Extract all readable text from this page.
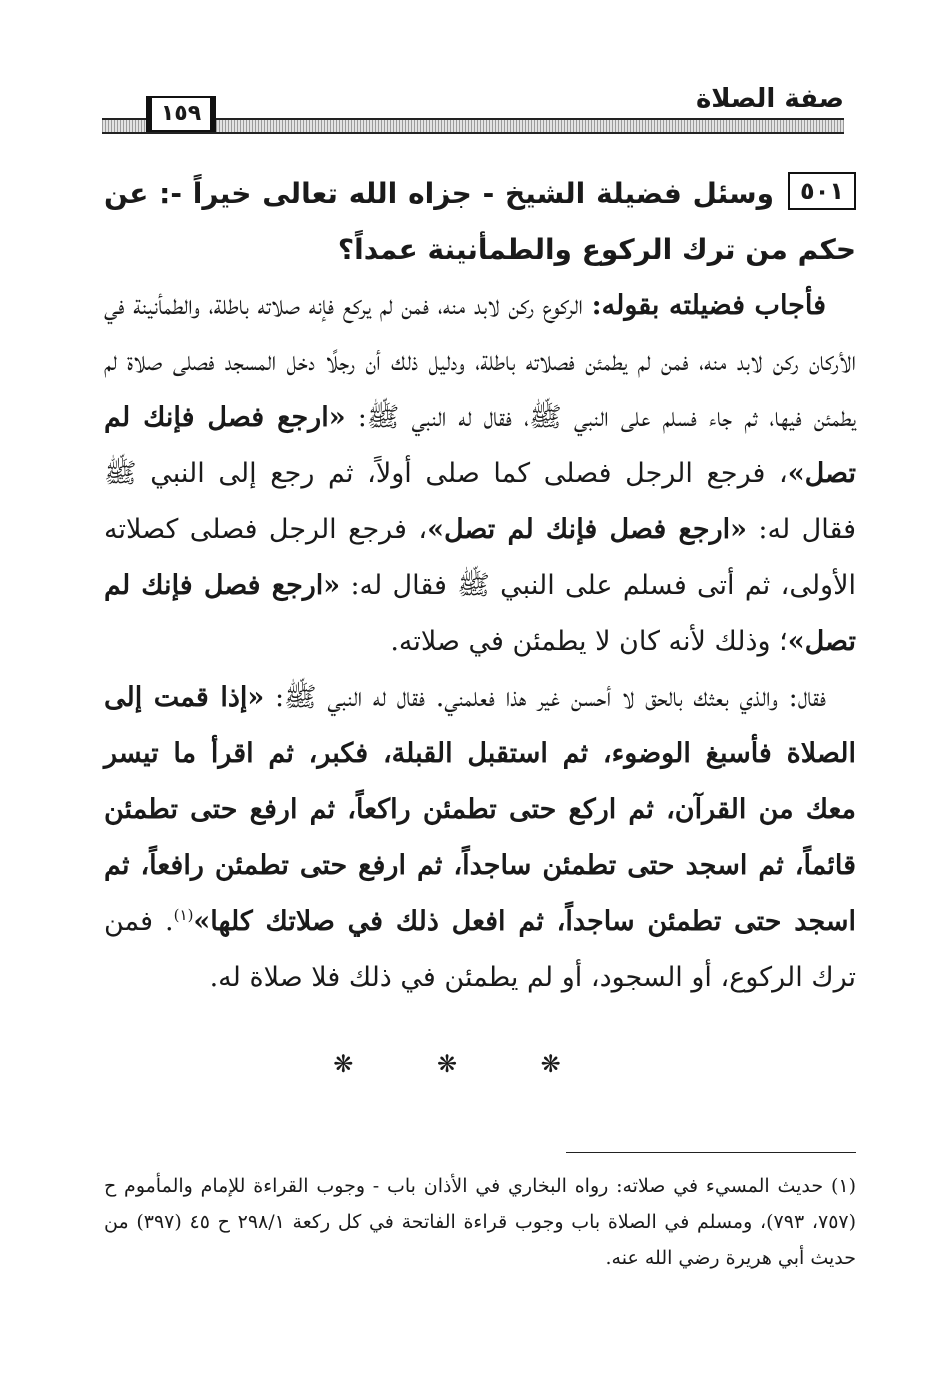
صفة الصلاة
١٥٩

٥٠١وسئل فضيلة الشيخ - جزاه الله تعالى خيراً -: عن حكم من ترك الركوع والطمأنينة عمداً؟

فأجاب فضيلته بقوله: الركوع ركن لابد منه، فمن لم يركع فإنه صلاته باطلة، والطمأنينة في الأركان ركن لابد منه، فمن لم يطمئن فصلاته باطلة، ودليل ذلك أن رجلًا دخل المسجد فصلى صلاة لم يطمئن فيها، ثم جاء فسلم على النبي ﷺ، فقال له النبي ﷺ: «ارجع فصل فإنك لم تصل»، فرجع الرجل فصلى كما صلى أولاً، ثم رجع إلى النبي ﷺ فقال له: «ارجع فصل فإنك لم تصل»، فرجع الرجل فصلى كصلاته الأولى، ثم أتى فسلم على النبي ﷺ فقال له: «ارجع فصل فإنك لم تصل»؛ وذلك لأنه كان لا يطمئن في صلاته.

فقال: والذي بعثك بالحق لا أحسن غير هذا فعلمني. فقال له النبي ﷺ: «إذا قمت إلى الصلاة فأسبغ الوضوء، ثم استقبل القبلة، فكبر، ثم اقرأ ما تيسر معك من القرآن، ثم اركع حتى تطمئن راكعاً، ثم ارفع حتى تطمئن قائماً، ثم اسجد حتى تطمئن ساجداً، ثم ارفع حتى تطمئن رافعاً، ثم اسجد حتى تطمئن ساجداً، ثم افعل ذلك في صلاتك كلها»$^{(١)}$. فمن ترك الركوع، أو السجود، أو لم يطمئن في ذلك فلا صلاة له.

❋ ❋ ❋
(١) حديث المسيء في صلاته: رواه البخاري في الأذان باب - وجوب القراءة للإمام والمأموم ح (٧٥٧، ٧٩٣)، ومسلم في الصلاة باب وجوب قراءة الفاتحة في كل ركعة ٢٩٨/١ ح ٤٥ (٣٩٧) من حديث أبي هريرة رضي الله عنه.
